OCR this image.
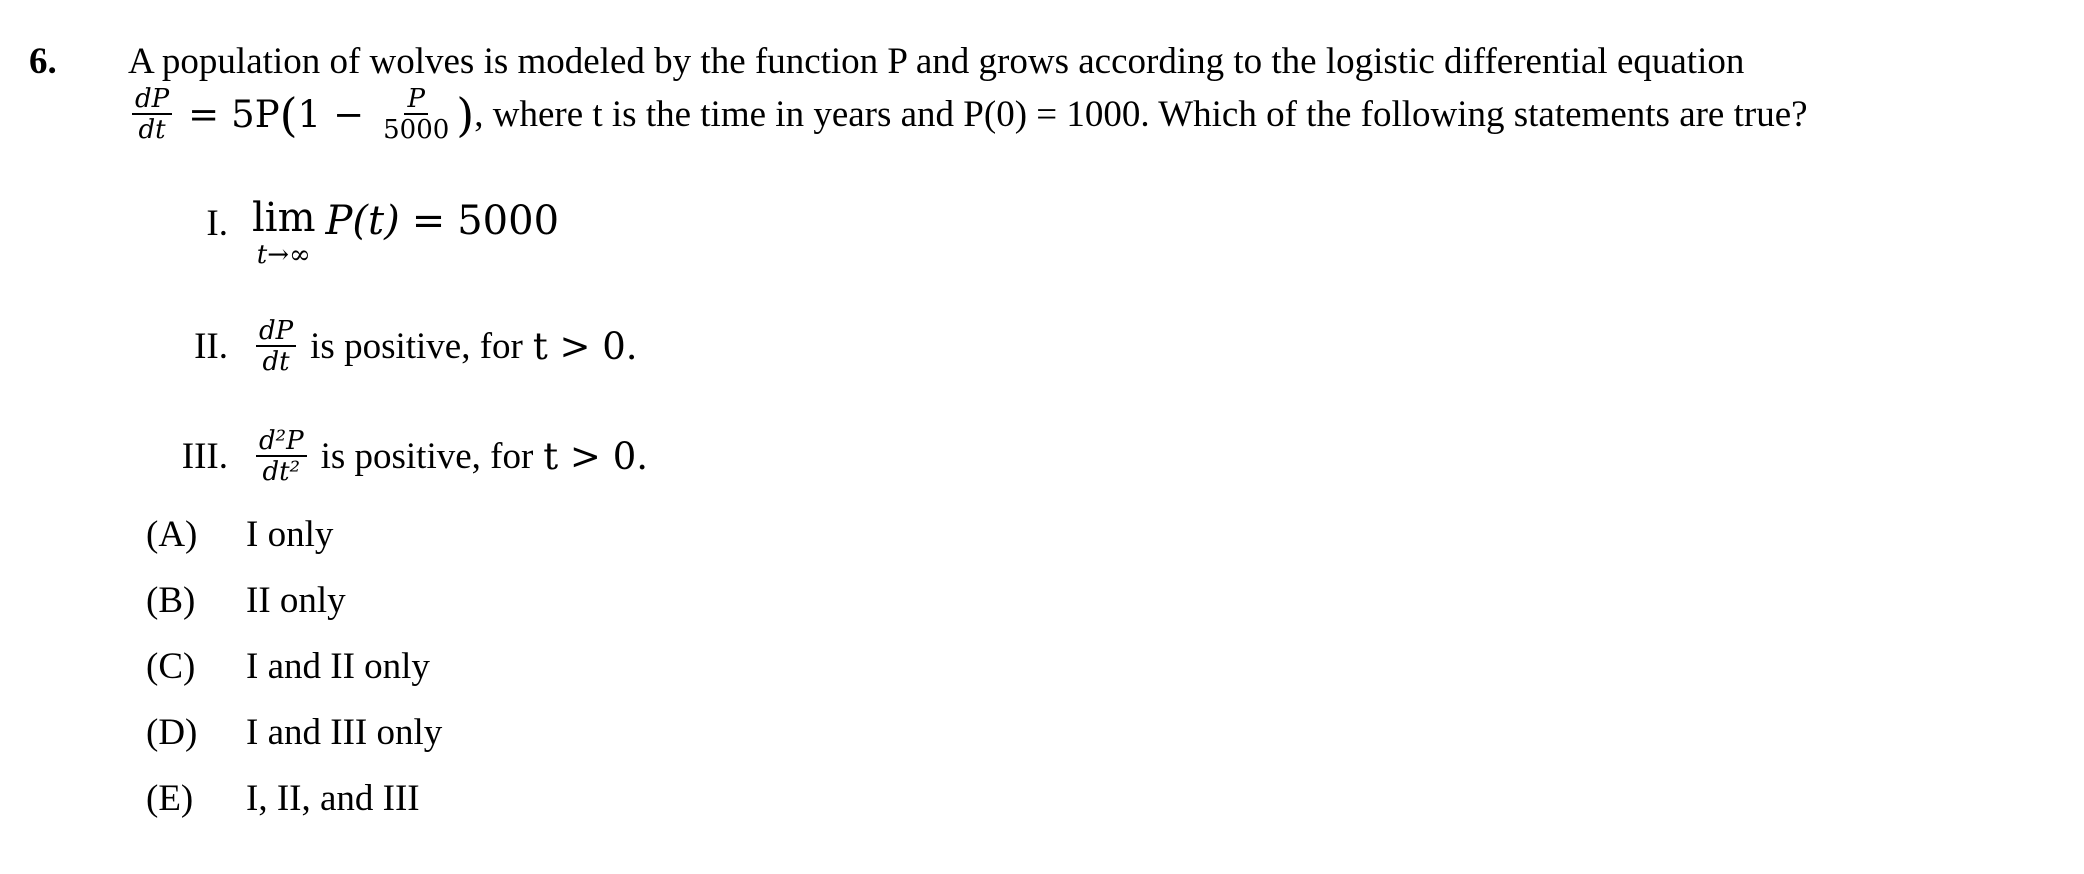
6. A population of wolves is modeled by the function P and grows according to the logistic differential equation
$\frac{dP}{dt} = 5P$ ( $1 - \frac{P}{5000}$ ) , where t is the time in years and P(0) = 1000. Which of the following statements are true?
I. lim
t→∞
P(t) = 5000
II. $\frac{dP}{dt}$ is positive, for t > 0.
III. $\frac{\text{d²P}}{\text{dt²}}$ is positive, for t > 0.
(A) I only
(B) II only
(C) I and II only
(D) I and III only
(E) I, II, and III
